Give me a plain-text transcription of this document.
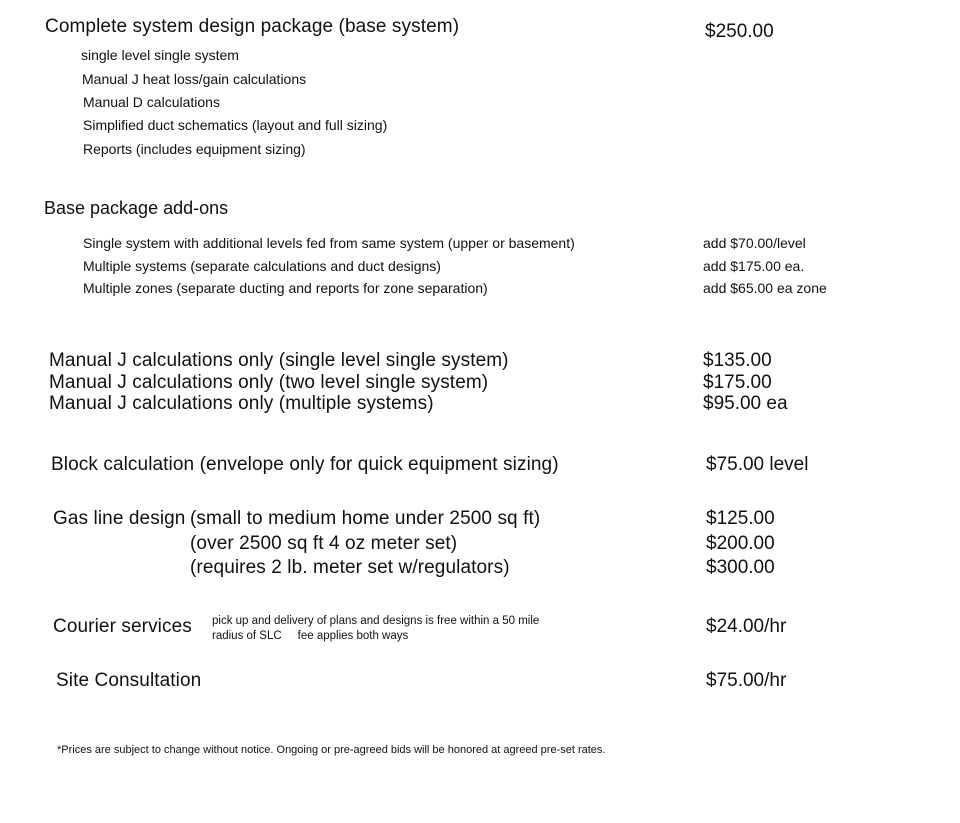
Complete system design package (base system)	$250.00
single level single system
Manual J heat loss/gain calculations
Manual D calculations
Simplified duct schematics (layout and full sizing)
Reports (includes equipment sizing)
Base package add-ons
Single system with additional levels fed from same system (upper or basement)	add $70.00/level
Multiple systems (separate calculations and duct designs)	add $175.00 ea.
Multiple zones (separate ducting and reports for zone separation)	add $65.00 ea zone
Manual J calculations only (single level single system)	$135.00
Manual J calculations only (two level single system)	$175.00
Manual J calculations only (multiple systems)	$95.00 ea
Block calculation (envelope only for quick equipment sizing)	$75.00 level
Gas line design (small to medium home under 2500 sq ft)	$125.00
(over 2500 sq ft 4 oz meter set)	$200.00
(requires 2 lb. meter set w/regulators)	$300.00
Courier services pick up and delivery of plans and designs is free within a 50 mile
radius of SLC     fee applies both ways	$24.00/hr
Site Consultation	$75.00/hr
*Prices are subject to change without notice. Ongoing or pre-agreed bids will be honored at agreed pre-set rates.
